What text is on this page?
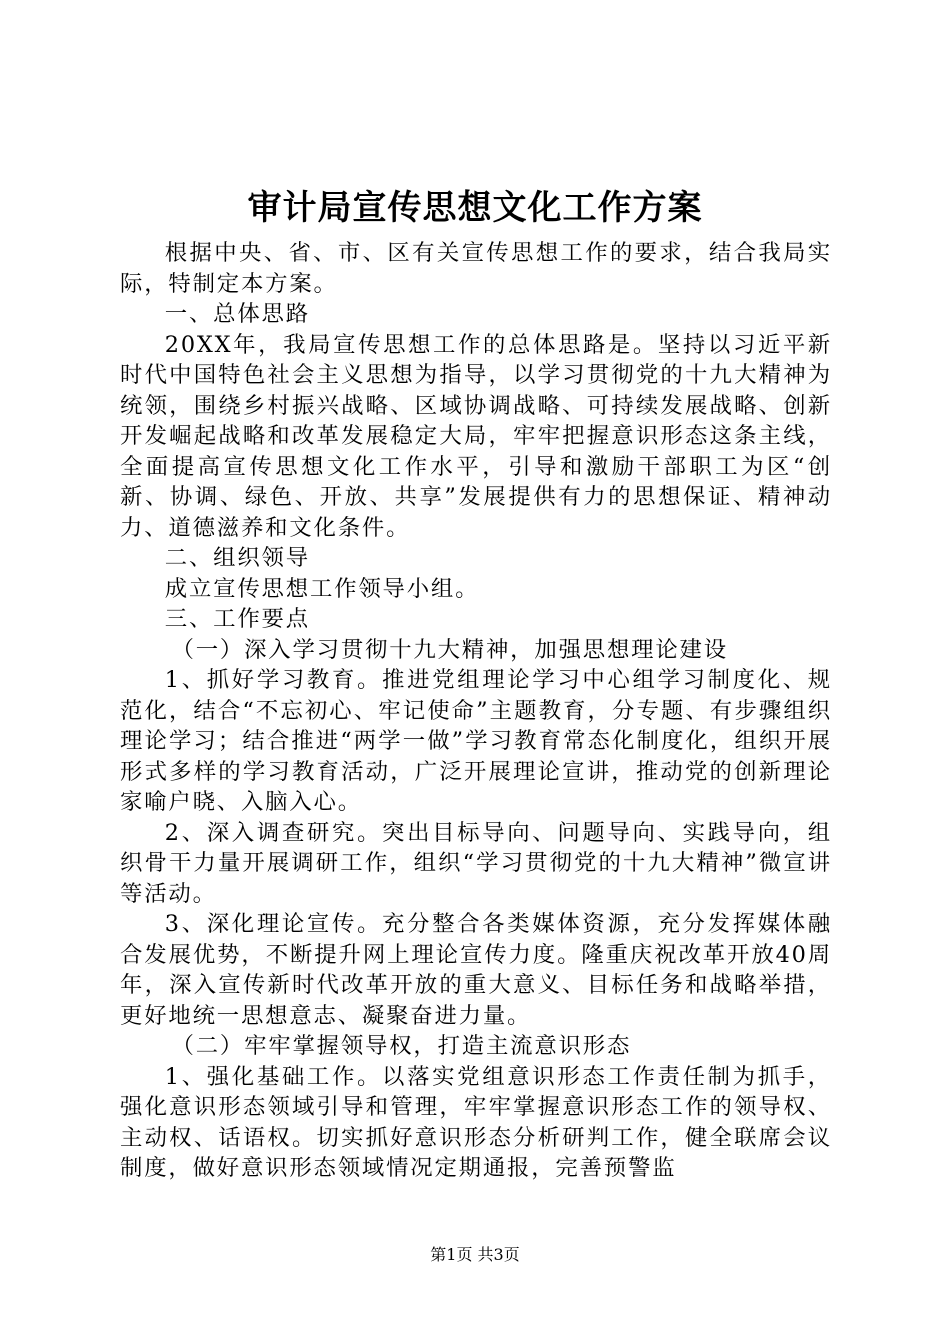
审计局宣传思想文化工作方案

根据中央、省、市、区有关宣传思想工作的要求，结合我局实际，特制定本方案。

一、总体思路

20XX年，我局宣传思想工作的总体思路是。坚持以习近平新时代中国特色社会主义思想为指导，以学习贯彻党的十九大精神为统领，围绕乡村振兴战略、区域协调战略、可持续发展战略、创新开发崛起战略和改革发展稳定大局，牢牢把握意识形态这条主线，全面提高宣传思想文化工作水平，引导和激励干部职工为区“创新、协调、绿色、开放、共享”发展提供有力的思想保证、精神动力、道德滋养和文化条件。

二、组织领导

成立宣传思想工作领导小组。

三、工作要点

（一）深入学习贯彻十九大精神，加强思想理论建设

1、抓好学习教育。推进党组理论学习中心组学习制度化、规范化，结合“不忘初心、牢记使命”主题教育，分专题、有步骤组织理论学习；结合推进“两学一做”学习教育常态化制度化，组织开展形式多样的学习教育活动，广泛开展理论宣讲，推动党的创新理论家喻户晓、入脑入心。

2、深入调查研究。突出目标导向、问题导向、实践导向，组织骨干力量开展调研工作，组织“学习贯彻党的十九大精神”微宣讲等活动。

3、深化理论宣传。充分整合各类媒体资源，充分发挥媒体融合发展优势，不断提升网上理论宣传力度。隆重庆祝改革开放40周年，深入宣传新时代改革开放的重大意义、目标任务和战略举措，更好地统一思想意志、凝聚奋进力量。

（二）牢牢掌握领导权，打造主流意识形态

1、强化基础工作。以落实党组意识形态工作责任制为抓手，强化意识形态领域引导和管理，牢牢掌握意识形态工作的领导权、主动权、话语权。切实抓好意识形态分析研判工作，健全联席会议制度，做好意识形态领域情况定期通报，完善预警监

第1页 共3页
